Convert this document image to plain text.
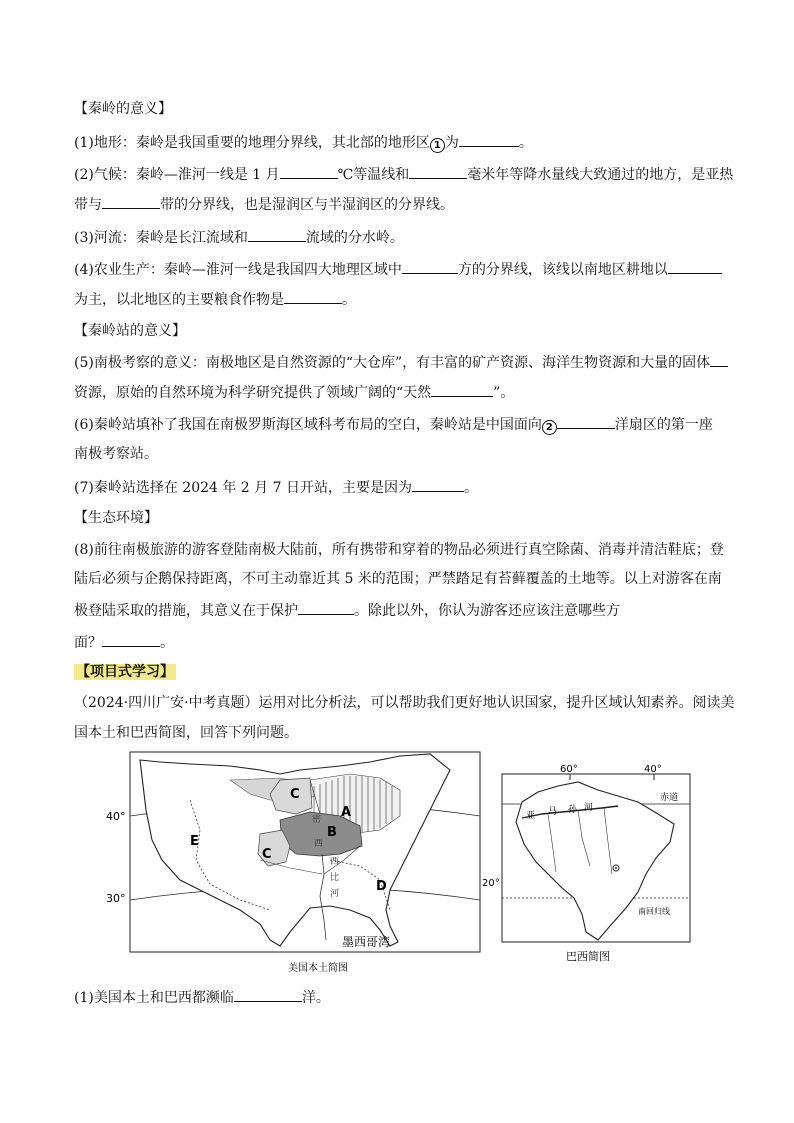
【秦岭的意义】
(1)地形：秦岭是我国重要的地理分界线，其北部的地形区 1 为	。
(2)气候：秦岭—淮河一线是 1 月	℃等温线和	毫米年等降水量线大致通过的地方，是亚热
带与	带的分界线，也是湿润区与半湿润区的分界线。
(3)河流：秦岭是长江流域和	流域的分水岭。
(4)农业生产：秦岭—淮河一线是我国四大地理区域中	方的分界线，该线以南地区耕地以
为主，以北地区的主要粮食作物是	。
【秦岭站的意义】
(5)南极考察的意义：南极地区是自然资源的“大仓库”，有丰富的矿产资源、海洋生物资源和大量的固体
资源，原始的自然环境为科学研究提供了领域广阔的“天然	”。
(6)秦岭站填补了我国在南极罗斯海区域科考布局的空白，秦岭站是中国面向 2	洋扇区的第一座
南极考察站。
(7)秦岭站选择在 2024 年 2 月 7 日开站，主要是因为	。
【生态环境】
(8)前往南极旅游的游客登陆南极大陆前，所有携带和穿着的物品必须进行真空除菌、消毒并清洁鞋底；登
陆后必须与企鹅保持距离，不可主动靠近其 5 米的范围；严禁踏足有苔藓覆盖的土地等。以上对游客在南
极登陆采取的措施，其意义在于保护	。除此以外，你认为游客还应该注意哪些方
面？	。
【项目式学习】
（2024·四川广安·中考真题）运用对比分析法，可以帮助我们更好地认识国家，提升区域认知素养。阅读美
国本土和巴西简图，回答下列问题。
40°
30°
A
B
C
C
D
E
密
西
西
比
河
墨西哥湾
美国本土简图
60°	40°
赤道
20°
南回归线
亚 马 孙 河
巴西简图
(1)美国本土和巴西都濒临	洋。
